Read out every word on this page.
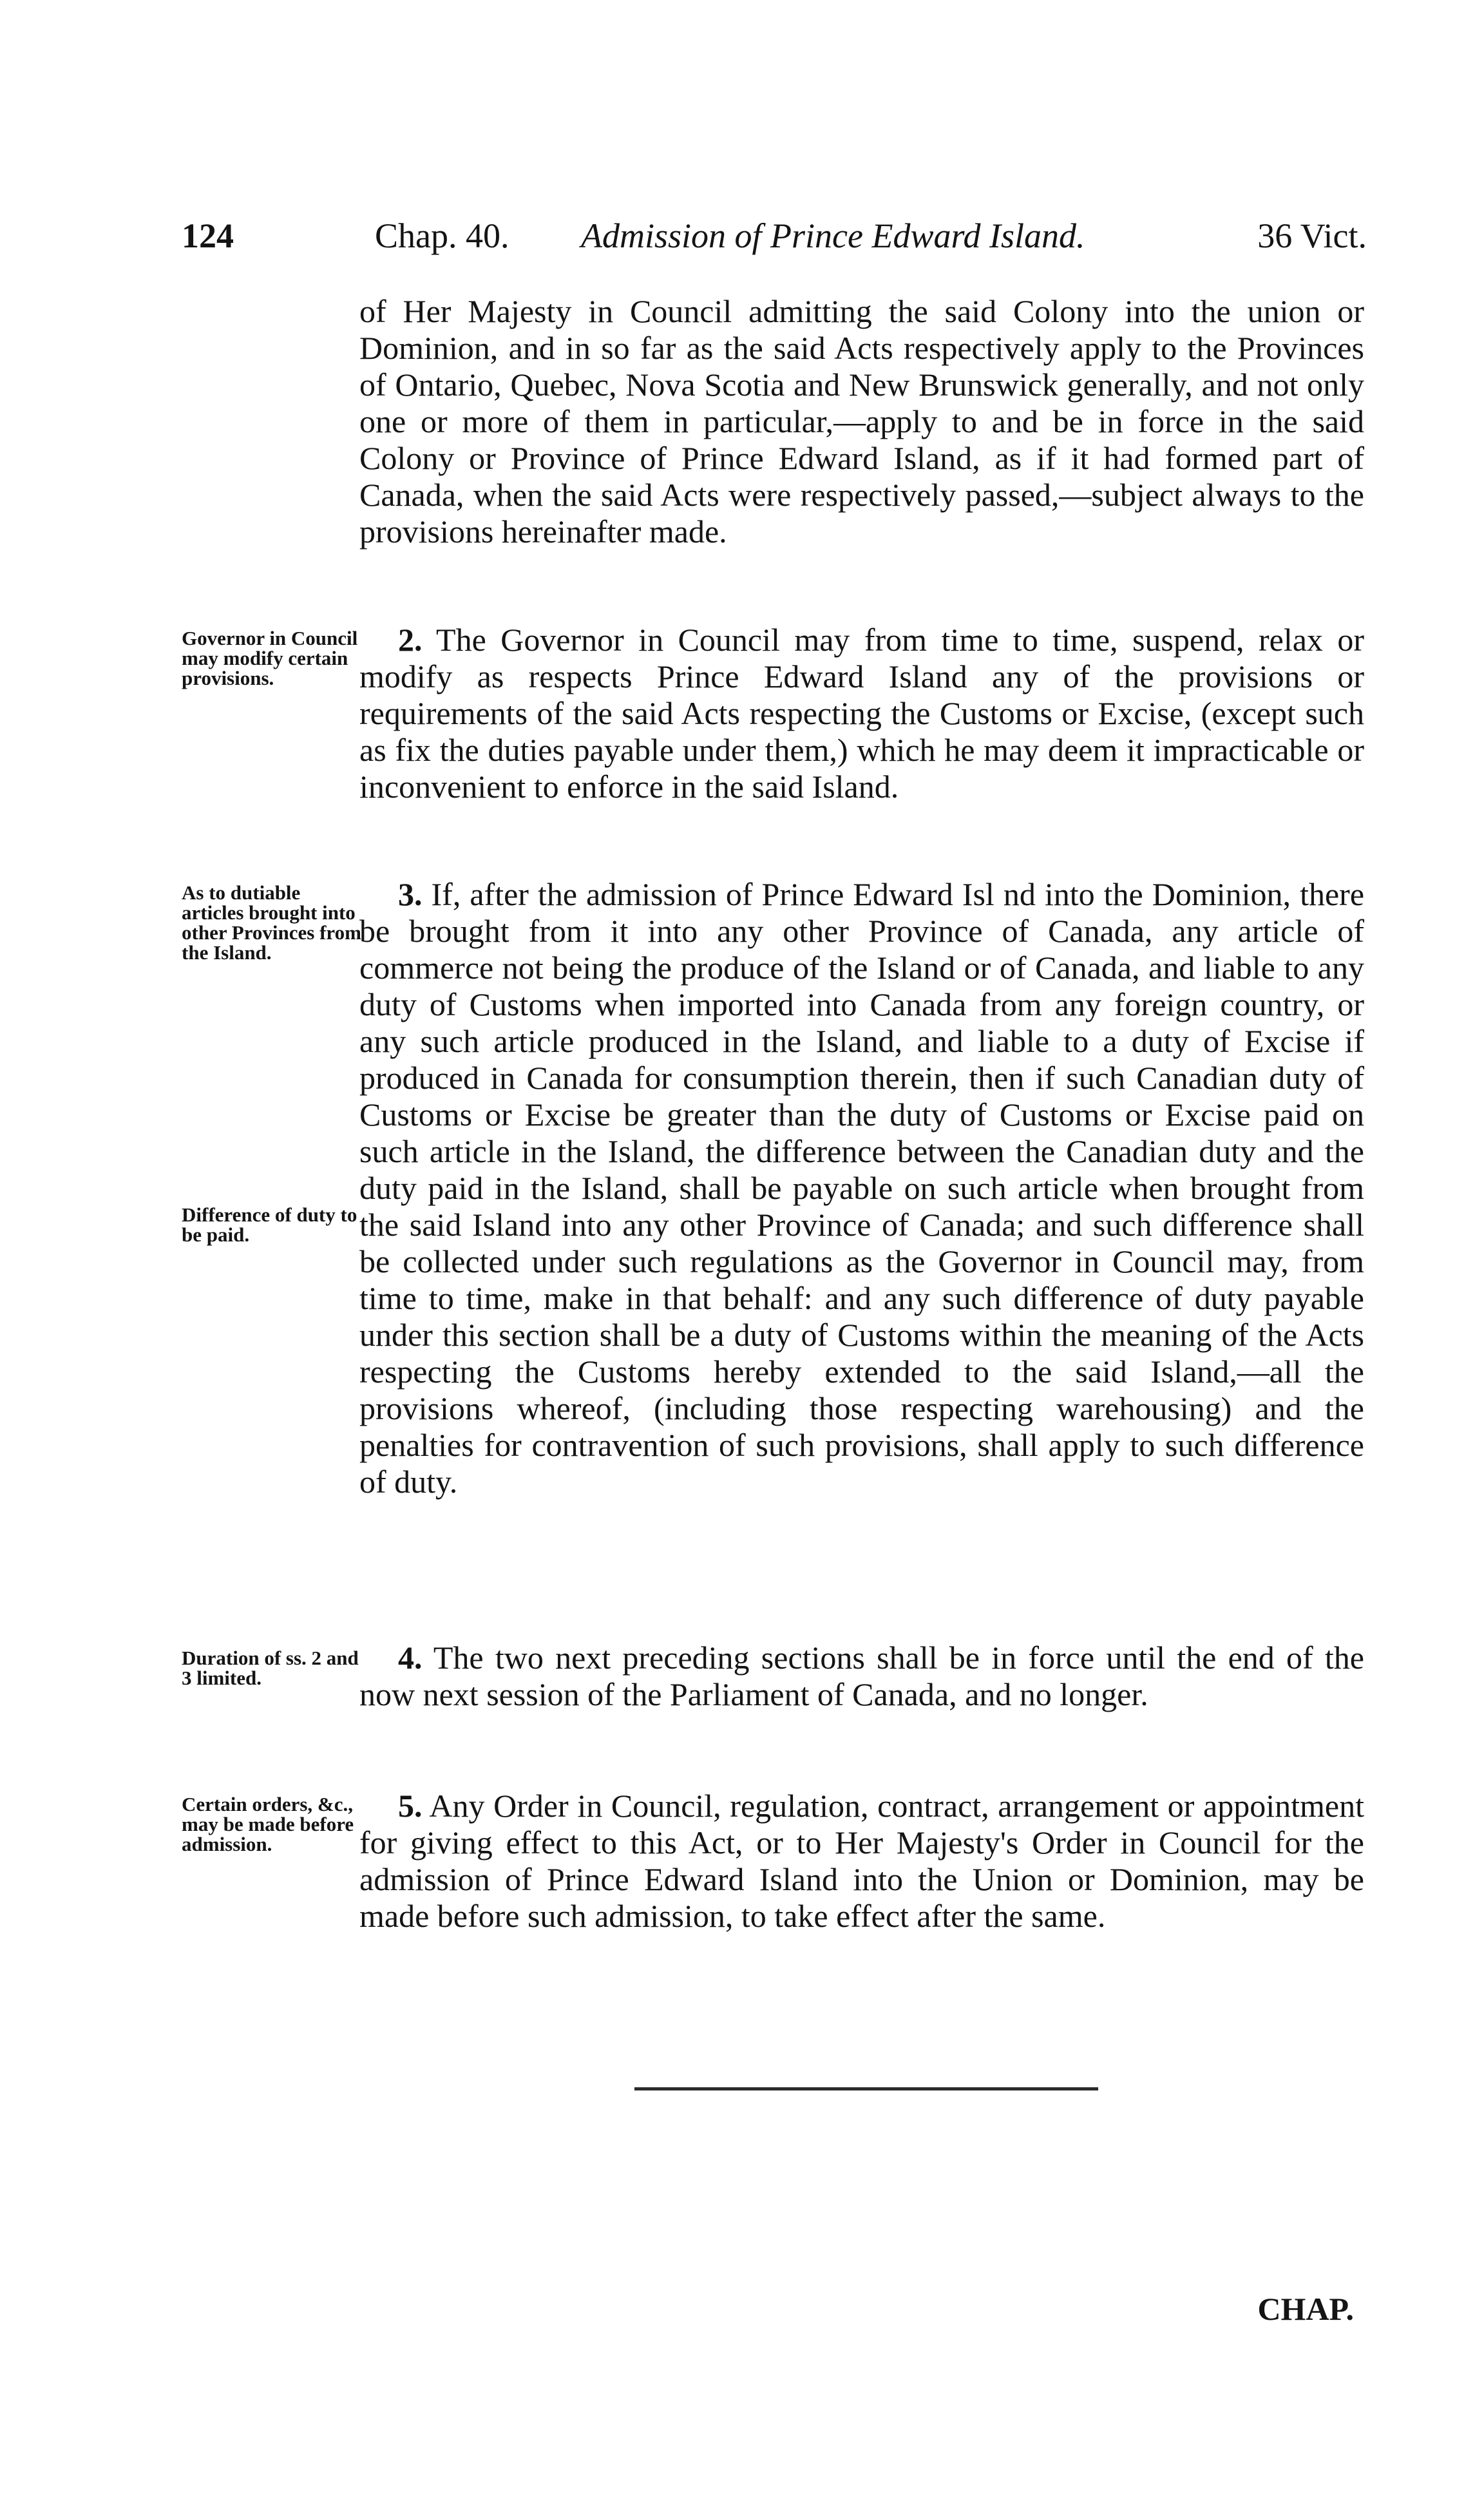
124	Chap. 40. Admission of Prince Edward Island.	36 Vict.

of Her Majesty in Council admitting the said Colony into the union or Dominion, and in so far as the said Acts respectively apply to the Provinces of Ontario, Quebec, Nova Scotia and New Brunswick generally, and not only one or more of them in particular,—apply to and be in force in the said Colony or Province of Prince Edward Island, as if it had formed part of Canada, when the said Acts were respectively passed,—subject always to the provisions hereinafter made.

Governor in Council may modify certain provisions.

2. The Governor in Council may from time to time, suspend, relax or modify as respects Prince Edward Island any of the provisions or requirements of the said Acts respecting the Customs or Excise, (except such as fix the duties payable under them,) which he may deem it impracticable or inconvenient to enforce in the said Island.

As to dutiable articles brought into other Provinces from the Island.
Difference of duty to be paid.

3. If, after the admission of Prince Edward Isl nd into the Dominion, there be brought from it into any other Province of Canada, any article of commerce not being the produce of the Island or of Canada, and liable to any duty of Customs when imported into Canada from any foreign country, or any such article produced in the Island, and liable to a duty of Excise if produced in Canada for consumption therein, then if such Canadian duty of Customs or Excise be greater than the duty of Customs or Excise paid on such article in the Island, the difference between the Canadian duty and the duty paid in the Island, shall be payable on such article when brought from the said Island into any other Province of Canada; and such difference shall be collected under such regulations as the Governor in Council may, from time to time, make in that behalf: and any such difference of duty payable under this section shall be a duty of Customs within the meaning of the Acts respecting the Customs hereby extended to the said Island,—all the provisions whereof, (including those respecting warehousing) and the penalties for contravention of such provisions, shall apply to such difference of duty.

Duration of ss. 2 and 3 limited.

4. The two next preceding sections shall be in force until the end of the now next session of the Parliament of Canada, and no longer.

Certain orders, &c., may be made before admission.

5. Any Order in Council, regulation, contract, arrangement or appointment for giving effect to this Act, or to Her Majesty's Order in Council for the admission of Prince Edward Island into the Union or Dominion, may be made before such admission, to take effect after the same.

CHAP.
